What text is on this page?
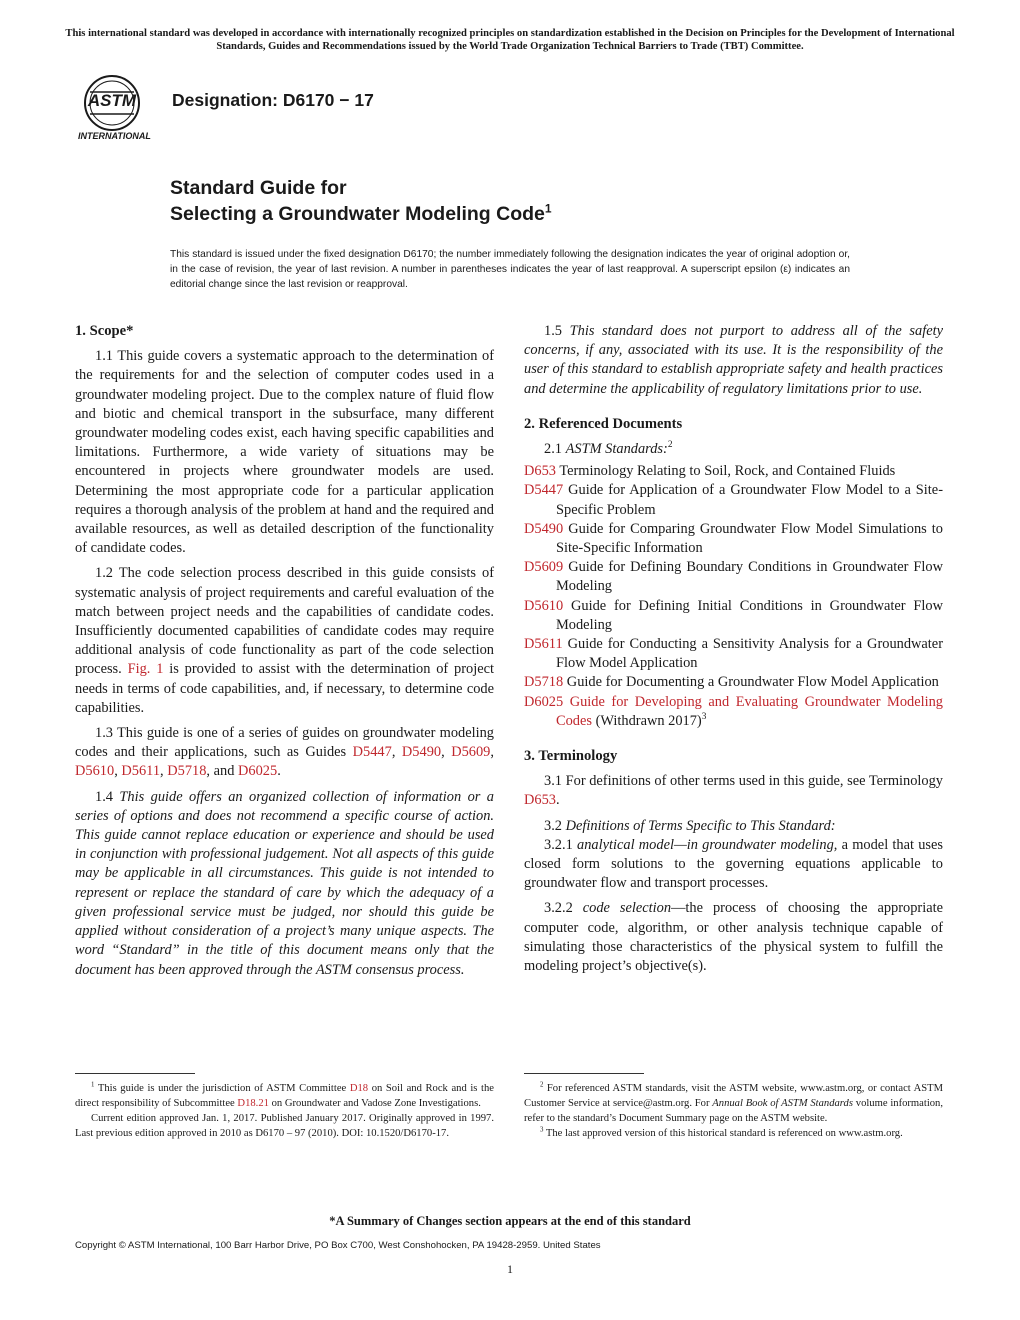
This international standard was developed in accordance with internationally recognized principles on standardization established in the Decision on Principles for the Development of International Standards, Guides and Recommendations issued by the World Trade Organization Technical Barriers to Trade (TBT) Committee.
ASTM
INTERNATIONAL
Designation: D6170 − 17
Standard Guide for
Selecting a Groundwater Modeling Code$^1$
This standard is issued under the fixed designation D6170; the number immediately following the designation indicates the year of original adoption or, in the case of revision, the year of last revision. A number in parentheses indicates the year of last reapproval. A superscript epsilon (ε) indicates an editorial change since the last revision or reapproval.
1. Scope*

1.1 This guide covers a systematic approach to the determination of the requirements for and the selection of computer codes used in a groundwater modeling project. Due to the complex nature of fluid flow and biotic and chemical transport in the subsurface, many different groundwater modeling codes exist, each having specific capabilities and limitations. Furthermore, a wide variety of situations may be encountered in projects where groundwater models are used. Determining the most appropriate code for a particular application requires a thorough analysis of the problem at hand and the required and available resources, as well as detailed description of the functionality of candidate codes.

1.2 The code selection process described in this guide consists of systematic analysis of project requirements and careful evaluation of the match between project needs and the capabilities of candidate codes. Insufficiently documented capabilities of candidate codes may require additional analysis of code functionality as part of the code selection process. Fig. 1 is provided to assist with the determination of project needs in terms of code capabilities, and, if necessary, to determine code capabilities.

1.3 This guide is one of a series of guides on groundwater modeling codes and their applications, such as Guides D5447, D5490, D5609, D5610, D5611, D5718, and D6025.

1.4 This guide offers an organized collection of information or a series of options and does not recommend a specific course of action. This guide cannot replace education or experience and should be used in conjunction with professional judgement. Not all aspects of this guide may be applicable in all circumstances. This guide is not intended to represent or replace the standard of care by which the adequacy of a given professional service must be judged, nor should this guide be applied without consideration of a project’s many unique aspects. The word “Standard” in the title of this document means only that the document has been approved through the ASTM consensus process.

1.5 This standard does not purport to address all of the safety concerns, if any, associated with its use. It is the responsibility of the user of this standard to establish appropriate safety and health practices and determine the applicability of regulatory limitations prior to use.

2. Referenced Documents

2.1 ASTM Standards:$^2$

D653 Terminology Relating to Soil, Rock, and Contained Fluids

D5447 Guide for Application of a Groundwater Flow Model to a Site-Specific Problem

D5490 Guide for Comparing Groundwater Flow Model Simulations to Site-Specific Information

D5609 Guide for Defining Boundary Conditions in Groundwater Flow Modeling

D5610 Guide for Defining Initial Conditions in Groundwater Flow Modeling

D5611 Guide for Conducting a Sensitivity Analysis for a Groundwater Flow Model Application

D5718 Guide for Documenting a Groundwater Flow Model Application

D6025 Guide for Developing and Evaluating Groundwater Modeling Codes (Withdrawn 2017)$^3$

3. Terminology

3.1 For definitions of other terms used in this guide, see Terminology D653.

3.2 Definitions of Terms Specific to This Standard:

3.2.1 analytical model—in groundwater modeling, a model that uses closed form solutions to the governing equations applicable to groundwater flow and transport processes.

3.2.2 code selection—the process of choosing the appropriate computer code, algorithm, or other analysis technique capable of simulating those characteristics of the physical system to fulfill the modeling project’s objective(s).

$^1$ This guide is under the jurisdiction of ASTM Committee D18 on Soil and Rock and is the direct responsibility of Subcommittee D18.21 on Groundwater and Vadose Zone Investigations.
Current edition approved Jan. 1, 2017. Published January 2017. Originally approved in 1997. Last previous edition approved in 2010 as D6170 – 97 (2010). DOI: 10.1520/D6170-17.
$^2$ For referenced ASTM standards, visit the ASTM website, www.astm.org, or contact ASTM Customer Service at service@astm.org. For Annual Book of ASTM Standards volume information, refer to the standard’s Document Summary page on the ASTM website.
$^3$ The last approved version of this historical standard is referenced on www.astm.org.
*A Summary of Changes section appears at the end of this standard
Copyright © ASTM International, 100 Barr Harbor Drive, PO Box C700, West Conshohocken, PA 19428-2959. United States
1
